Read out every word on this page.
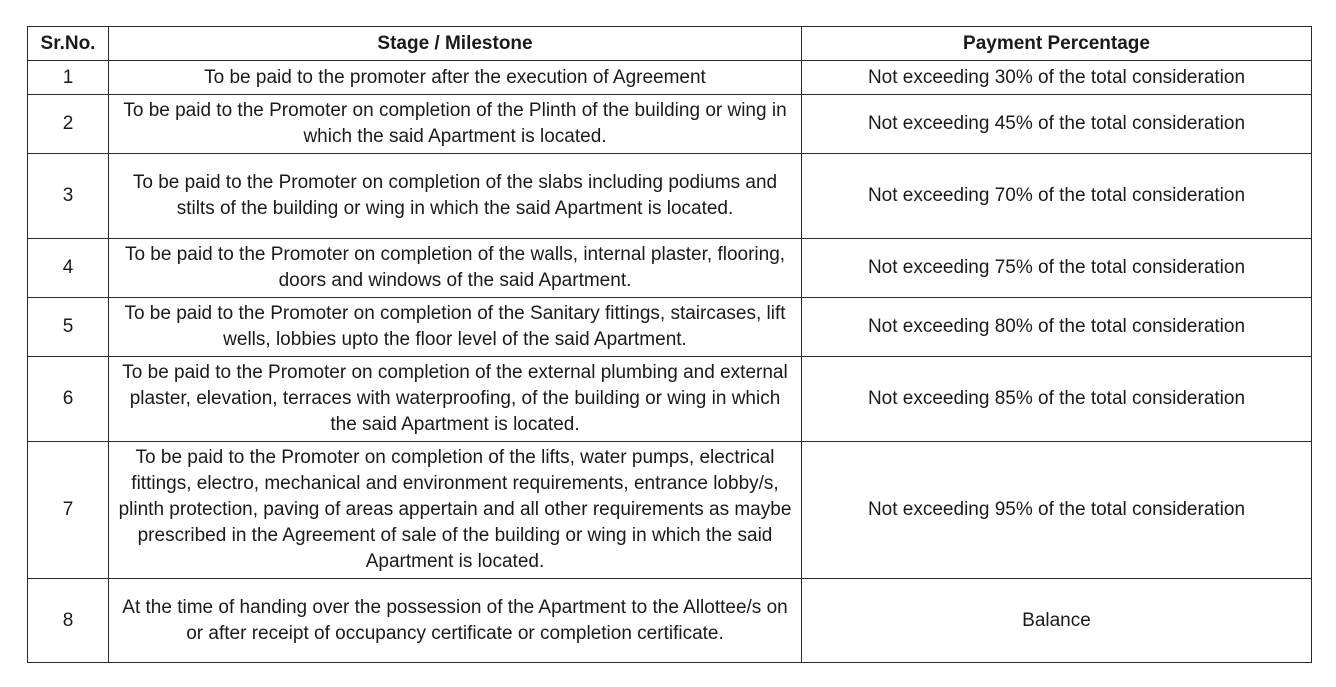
Sr.No.	Stage / Milestone	Payment Percentage
1	To be paid to the promoter after the execution of Agreement	Not exceeding 30% of the total consideration
2	To be paid to the Promoter on completion of the Plinth of the building or wing in which the said Apartment is located.	Not exceeding 45% of the total consideration
3	To be paid to the Promoter on completion of the slabs including podiums and stilts of the building or wing in which the said Apartment is located.	Not exceeding 70% of the total consideration
4	To be paid to the Promoter on completion of the walls, internal plaster, flooring, doors and windows of the said Apartment.	Not exceeding 75% of the total consideration
5	To be paid to the Promoter on completion of the Sanitary fittings, staircases, lift wells, lobbies upto the floor level of the said Apartment.	Not exceeding 80% of the total consideration
6	To be paid to the Promoter on completion of the external plumbing and external plaster, elevation, terraces with waterproofing, of the building or wing in which the said Apartment is located.	Not exceeding 85% of the total consideration
7	To be paid to the Promoter on completion of the lifts, water pumps, electrical fittings, electro, mechanical and environment requirements, entrance lobby/s, plinth protection, paving of areas appertain and all other requirements as maybe prescribed in the Agreement of sale of the building or wing in which the said Apartment is located.	Not exceeding 95% of the total consideration
8	At the time of handing over the possession of the Apartment to the Allottee/s on or after receipt of occupancy certificate or completion certificate.	Balance
